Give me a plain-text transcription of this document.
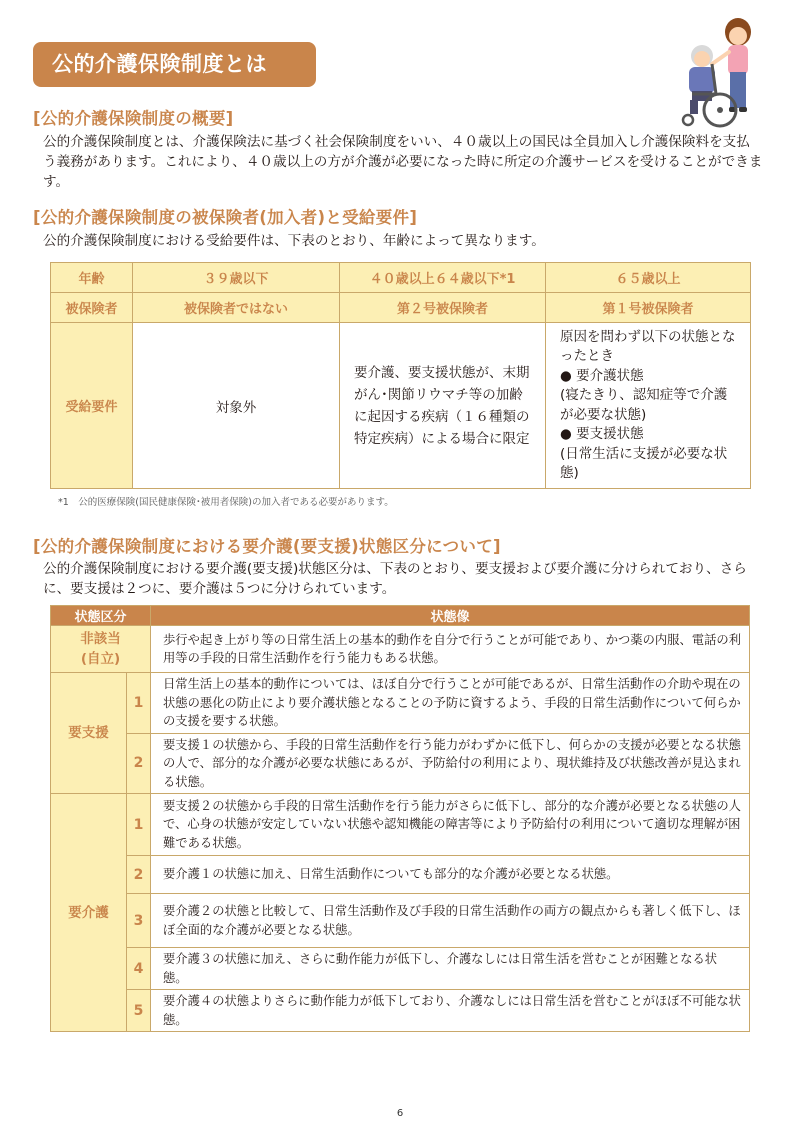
公的介護保険制度とは
[公的介護保険制度の概要]
公的介護保険制度とは、介護保険法に基づく社会保険制度をいい、４０歳以上の国民は全員加入し介護保険料を支払う義務があります。これにより、４０歳以上の方が介護が必要になった時に所定の介護サービスを受けることができます。
[公的介護保険制度の被保険者(加入者)と受給要件]
公的介護保険制度における受給要件は、下表のとおり、年齢によって異なります。
年齢	３９歳以下	４０歳以上６４歳以下*1	６５歳以上
被保険者	被保険者ではない	第２号被保険者	第１号被保険者
受給要件	対象外	要介護、要支援状態が、末期がん･関節リウマチ等の加齢に起因する疾病（１６種類の特定疾病）による場合に限定	原因を問わず以下の状態となったとき
● 要介護状態
(寝たきり、認知症等で介護が必要な状態)
● 要支援状態
(日常生活に支援が必要な状態)
*1　公的医療保険(国民健康保険･被用者保険)の加入者である必要があります。
[公的介護保険制度における要介護(要支援)状態区分について]
公的介護保険制度における要介護(要支援)状態区分は、下表のとおり、要支援および要介護に分けられており、さらに、要支援は２つに、要介護は５つに分けられています。
状態区分		状態像

非該当
(自立)		歩行や起き上がり等の日常生活上の基本的動作を自分で行うことが可能であり、かつ薬の内服、電話の利用等の手段的日常生活動作を行う能力もある状態。
要支援	1	日常生活上の基本的動作については、ほぼ自分で行うことが可能であるが、日常生活動作の介助や現在の状態の悪化の防止により要介護状態となることの予防に資するよう、手段的日常生活動作について何らかの支援を要する状態。
	2	要支援１の状態から、手段的日常生活動作を行う能力がわずかに低下し、何らかの支援が必要となる状態の人で、部分的な介護が必要な状態にあるが、予防給付の利用により、現状維持及び状態改善が見込まれる状態。
要介護	1	要支援２の状態から手段的日常生活動作を行う能力がさらに低下し、部分的な介護が必要となる状態の人で、心身の状態が安定していない状態や認知機能の障害等により予防給付の利用について適切な理解が困難である状態。
	2	要介護１の状態に加え、日常生活動作についても部分的な介護が必要となる状態。
	3	要介護２の状態と比較して、日常生活動作及び手段的日常生活動作の両方の観点からも著しく低下し、ほぼ全面的な介護が必要となる状態。
	4	要介護３の状態に加え、さらに動作能力が低下し、介護なしには日常生活を営むことが困難となる状態。
	5	要介護４の状態よりさらに動作能力が低下しており、介護なしには日常生活を営むことがほぼ不可能な状態。
6
